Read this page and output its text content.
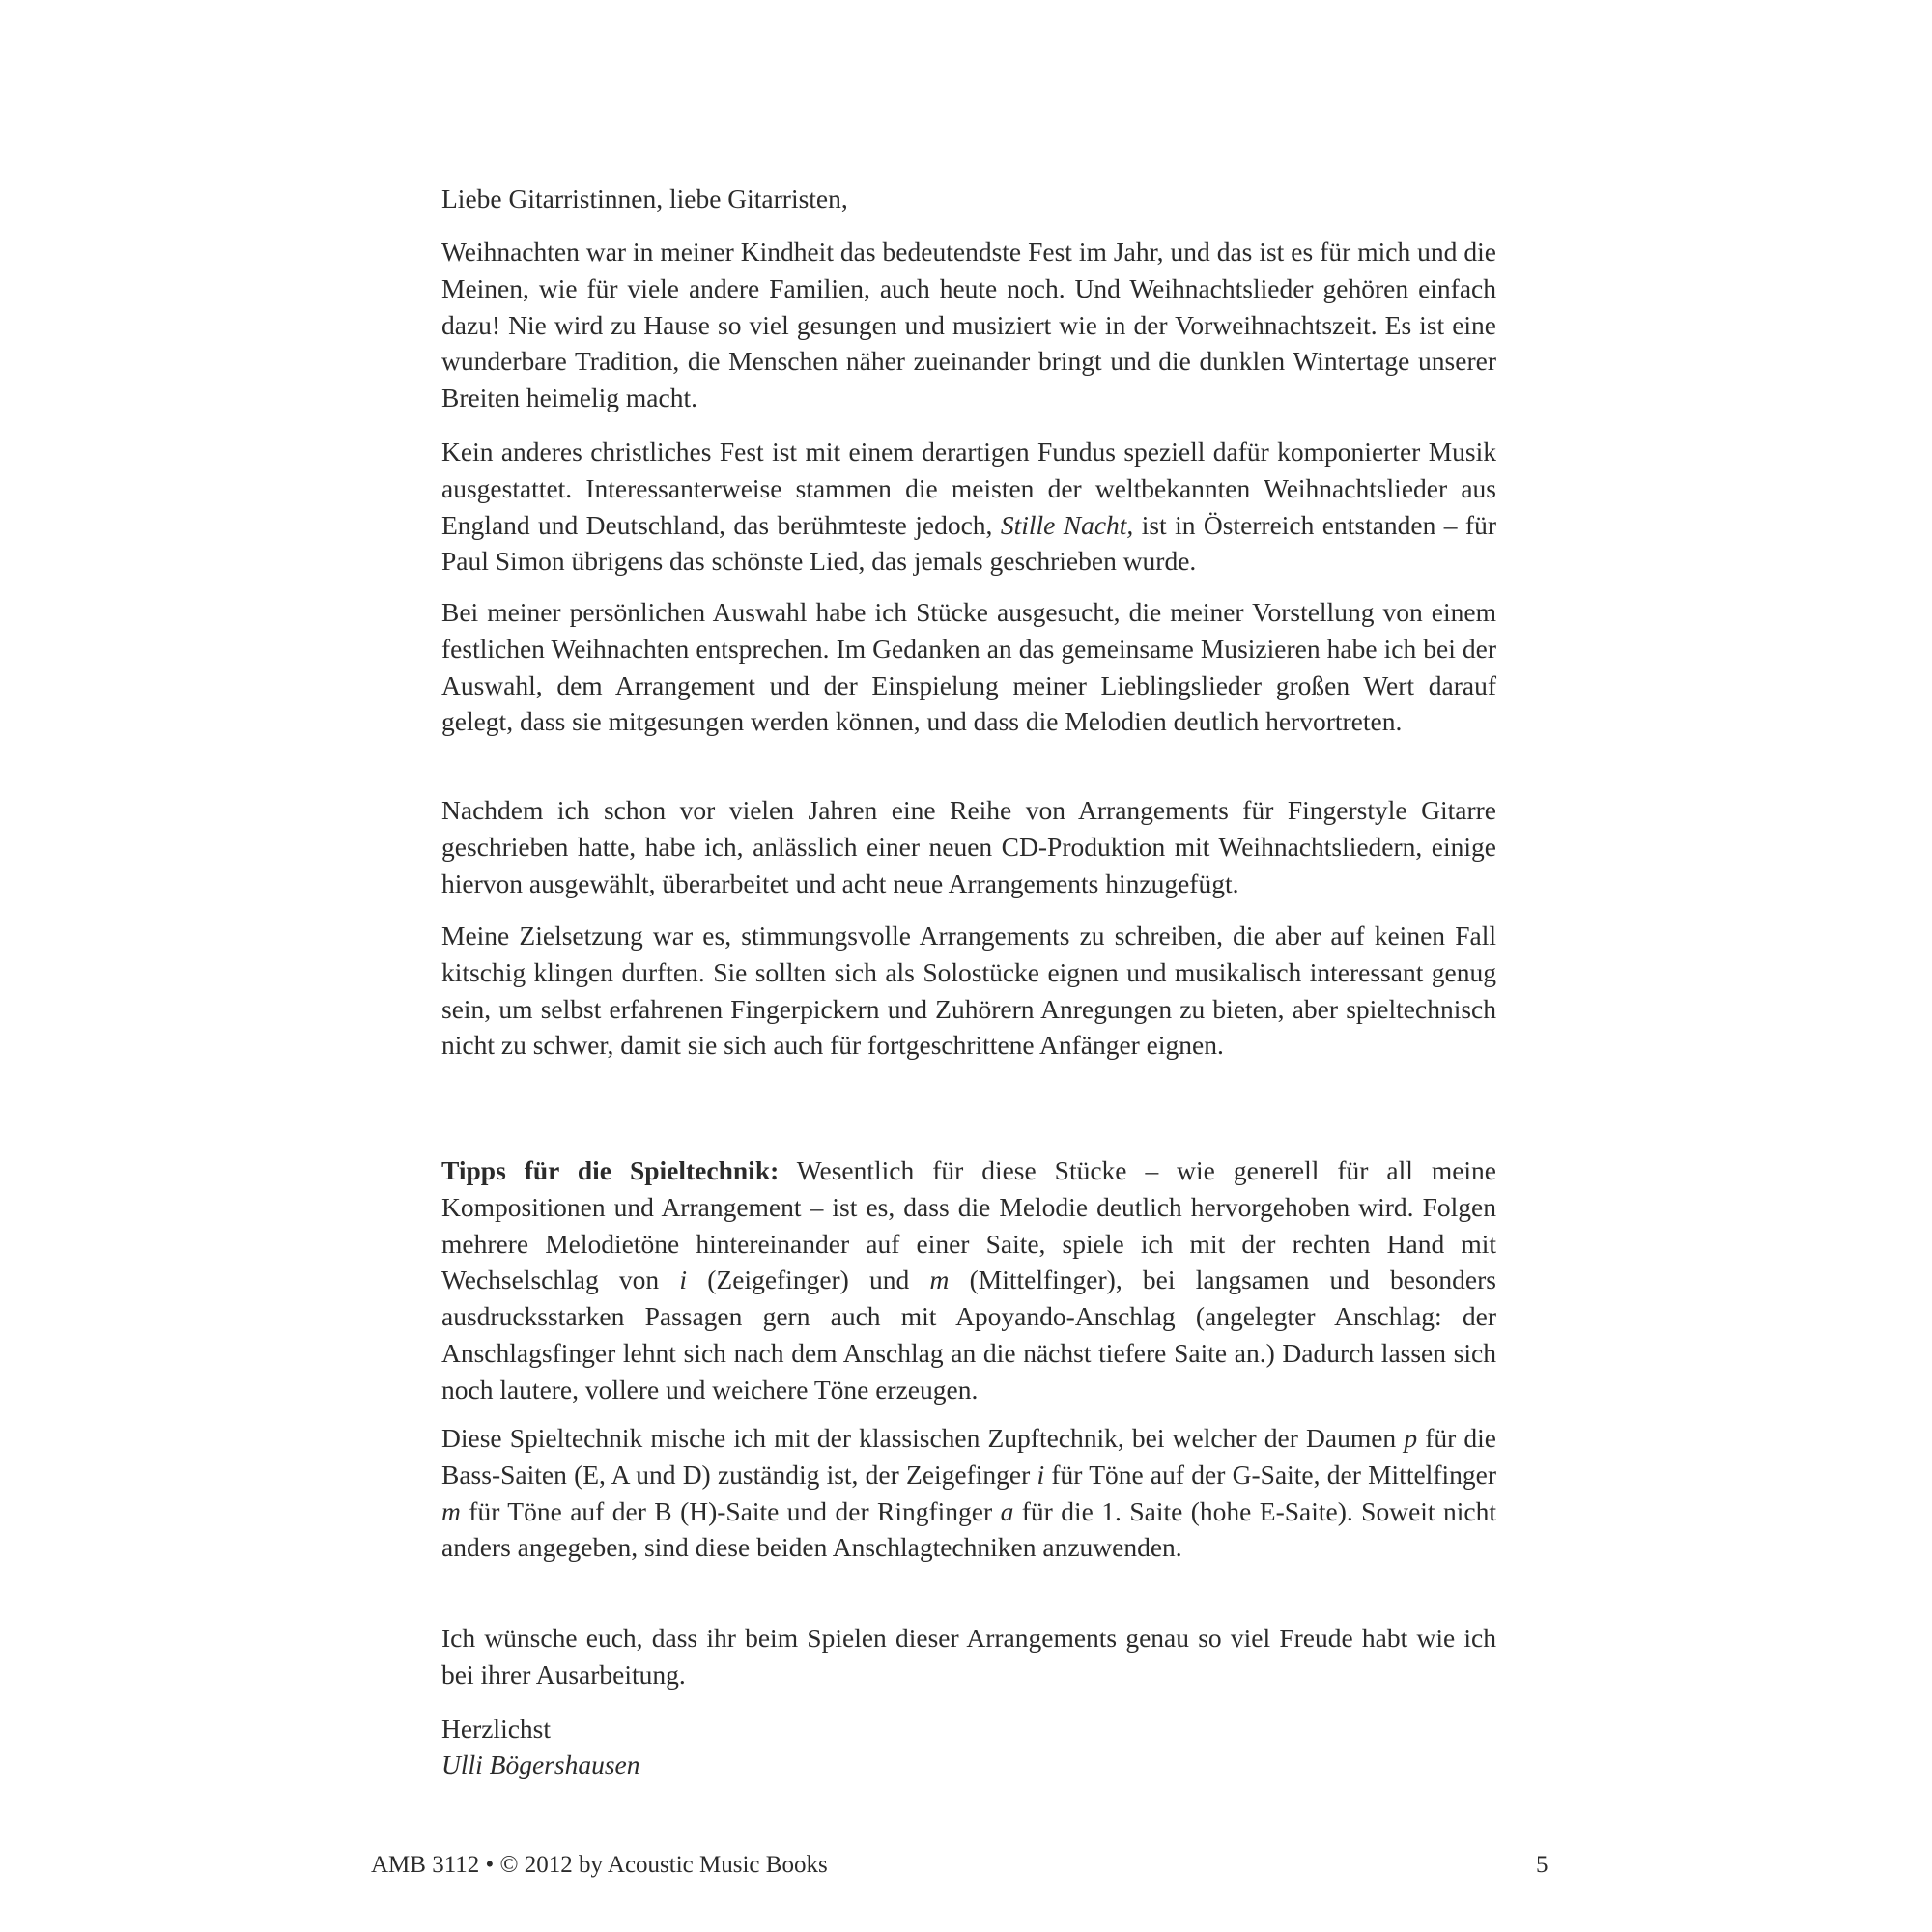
Liebe Gitarristinnen, liebe Gitarristen,

Weihnachten war in meiner Kindheit das bedeutendste Fest im Jahr, und das ist es für mich und die Meinen, wie für viele andere Familien, auch heute noch. Und Weihnachtslieder gehören einfach dazu! Nie wird zu Hause so viel gesungen und musiziert wie in der Vorweihnachtszeit. Es ist eine wunderbare Tradition, die Menschen näher zueinander bringt und die dunklen Wintertage unserer Breiten heimelig macht.

Kein anderes christliches Fest ist mit einem derartigen Fundus speziell dafür komponierter Musik ausgestattet. Interessanterweise stammen die meisten der weltbekannten Weihnachtslieder aus England und Deutschland, das berühmteste jedoch, Stille Nacht, ist in Österreich entstanden – für Paul Simon übrigens das schönste Lied, das jemals geschrieben wurde.

Bei meiner persönlichen Auswahl habe ich Stücke ausgesucht, die meiner Vorstellung von einem festlichen Weihnachten entsprechen. Im Gedanken an das gemeinsame Musizieren habe ich bei der Auswahl, dem Arrangement und der Einspielung meiner Lieblingslieder großen Wert darauf gelegt, dass sie mitgesungen werden können, und dass die Melodien deutlich hervortreten.

Nachdem ich schon vor vielen Jahren eine Reihe von Arrangements für Fingerstyle Gitarre geschrieben hatte, habe ich, anlässlich einer neuen CD-Produktion mit Weihnachtsliedern, einige hiervon ausgewählt, überarbeitet und acht neue Arrangements hinzugefügt.

Meine Zielsetzung war es, stimmungsvolle Arrangements zu schreiben, die aber auf keinen Fall kitschig klingen durften. Sie sollten sich als Solostücke eignen und musikalisch interessant genug sein, um selbst erfahrenen Fingerpickern und Zuhörern Anregungen zu bieten, aber spieltechnisch nicht zu schwer, damit sie sich auch für fortgeschrittene Anfänger eignen.

Tipps für die Spieltechnik: Wesentlich für diese Stücke – wie generell für all meine Kompositionen und Arrangement – ist es, dass die Melodie deutlich hervorgehoben wird. Folgen mehrere Melodietöne hintereinander auf einer Saite, spiele ich mit der rechten Hand mit Wechselschlag von i (Zeigefinger) und m (Mittelfinger), bei langsamen und besonders ausdrucksstarken Passagen gern auch mit Apoyando-Anschlag (angelegter Anschlag: der Anschlagsfinger lehnt sich nach dem Anschlag an die nächst tiefere Saite an.) Dadurch lassen sich noch lautere, vollere und weichere Töne erzeugen.

Diese Spieltechnik mische ich mit der klassischen Zupftechnik, bei welcher der Daumen p für die Bass-Saiten (E, A und D) zuständig ist, der Zeigefinger i für Töne auf der G-Saite, der Mittelfinger m für Töne auf der B (H)-Saite und der Ringfinger a für die 1. Saite (hohe E-Saite). Soweit nicht anders angegeben, sind diese beiden Anschlagtechniken anzuwenden.

Ich wünsche euch, dass ihr beim Spielen dieser Arrangements genau so viel Freude habt wie ich bei ihrer Ausarbeitung.

Herzlichst

Ulli Bögershausen

AMB 3112 • © 2012 by Acoustic Music Books	5
